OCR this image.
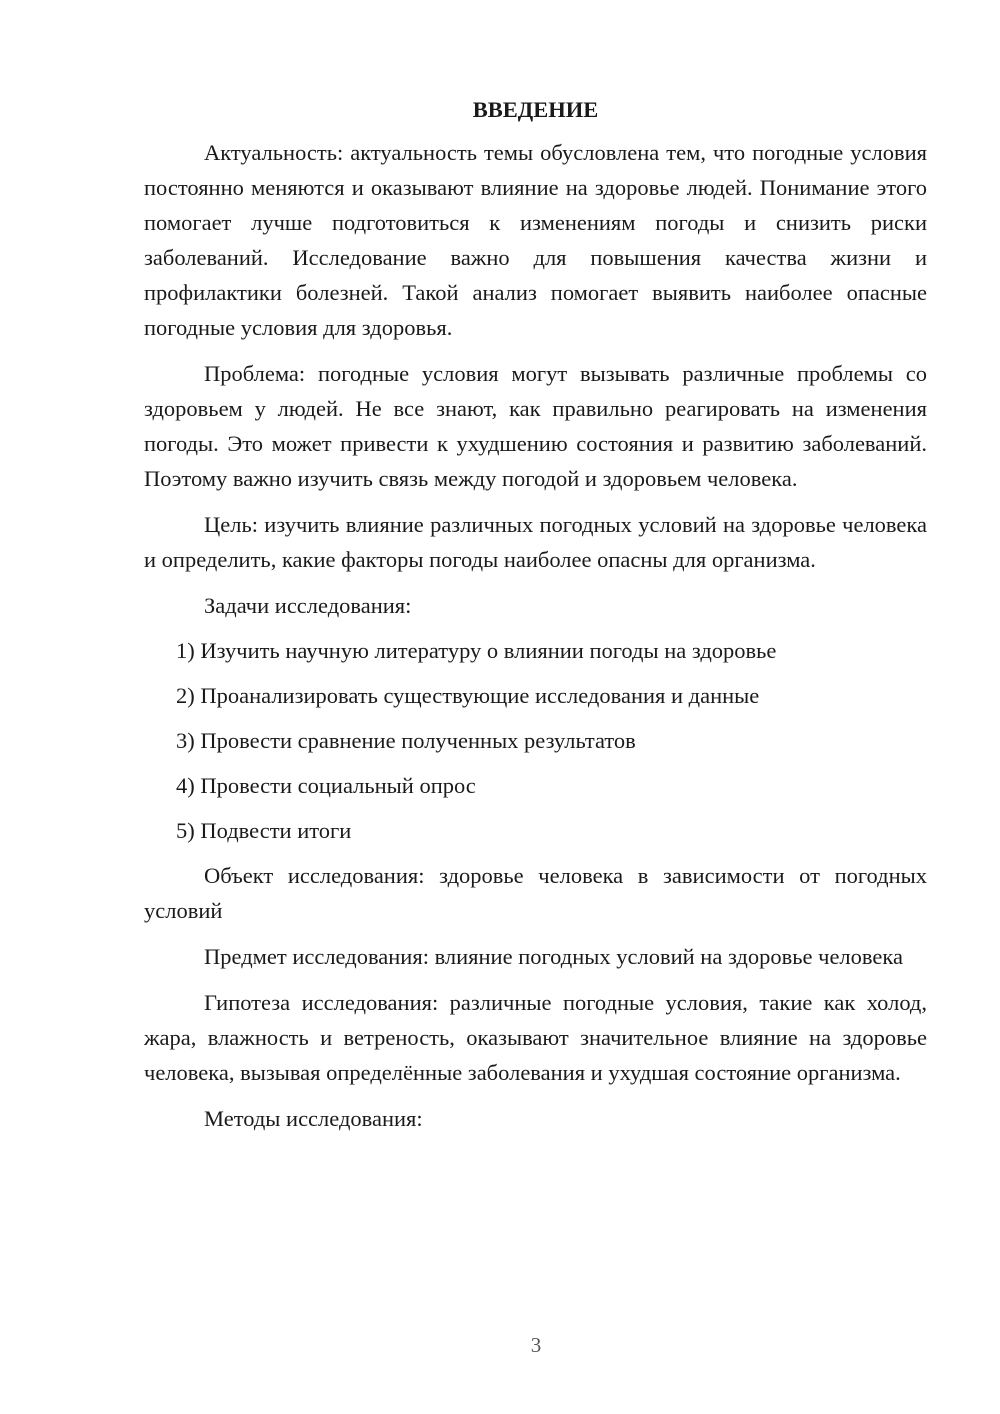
ВВЕДЕНИЕ

Актуальность: актуальность темы обусловлена тем, что погодные условия постоянно меняются и оказывают влияние на здоровье людей. Понимание этого помогает лучше подготовиться к изменениям погоды и снизить риски заболеваний. Исследование важно для повышения качества жизни и профилактики болезней. Такой анализ помогает выявить наиболее опасные погодные условия для здоровья.

Проблема: погодные условия могут вызывать различные проблемы со здоровьем у людей. Не все знают, как правильно реагировать на изменения погоды. Это может привести к ухудшению состояния и развитию заболеваний. Поэтому важно изучить связь между погодой и здоровьем человека.

Цель: изучить влияние различных погодных условий на здоровье человека и определить, какие факторы погоды наиболее опасны для организма.

Задачи исследования:

1) Изучить научную литературу о влиянии погоды на здоровье
2) Проанализировать существующие исследования и данные
3) Провести сравнение полученных результатов
4) Провести социальный опрос
5) Подвести итоги

Объект исследования: здоровье человека в зависимости от погодных условий

Предмет исследования: влияние погодных условий на здоровье человека

Гипотеза исследования: различные погодные условия, такие как холод, жара, влажность и ветреность, оказывают значительное влияние на здоровье человека, вызывая определённые заболевания и ухудшая состояние организма.

Методы исследования:

3
